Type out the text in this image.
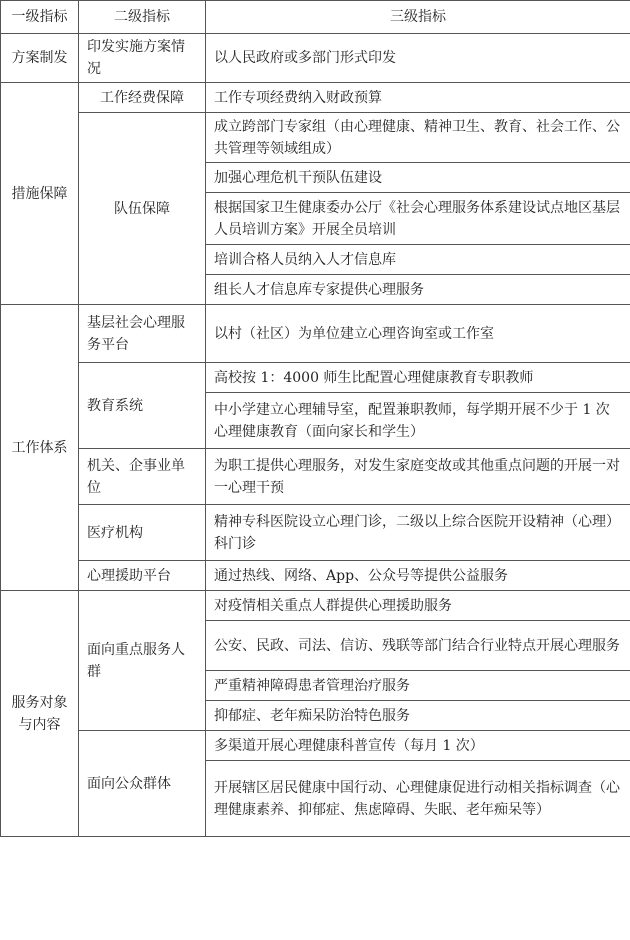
一级指标	二级指标	三级指标
方案制发	印发实施方案情况	以人民政府或多部门形式印发
措施保障	工作经费保障	工作专项经费纳入财政预算
	队伍保障	成立跨部门专家组（由心理健康、精神卫生、教育、社会工作、公共管理等领域组成）
		加强心理危机干预队伍建设
		根据国家卫生健康委办公厅《社会心理服务体系建设试点地区基层人员培训方案》开展全员培训
		培训合格人员纳入人才信息库
		组长人才信息库专家提供心理服务
工作体系	基层社会心理服务平台	以村（社区）为单位建立心理咨询室或工作室
	教育系统	高校按 1：4000 师生比配置心理健康教育专职教师
		中小学建立心理辅导室，配置兼职教师，每学期开展不少于 1 次心理健康教育（面向家长和学生）
	机关、企事业单位	为职工提供心理服务，对发生家庭变故或其他重点问题的开展一对一心理干预
	医疗机构	精神专科医院设立心理门诊，二级以上综合医院开设精神（心理）科门诊
	心理援助平台	通过热线、网络、App、公众号等提供公益服务
服务对象与内容	面向重点服务人群	对疫情相关重点人群提供心理援助服务
		公安、民政、司法、信访、残联等部门结合行业特点开展心理服务
		严重精神障碍患者管理治疗服务
		抑郁症、老年痴呆防治特色服务
	面向公众群体	多渠道开展心理健康科普宣传（每月 1 次）
		开展辖区居民健康中国行动、心理健康促进行动相关指标调查（心理健康素养、抑郁症、焦虑障碍、失眠、老年痴呆等）
